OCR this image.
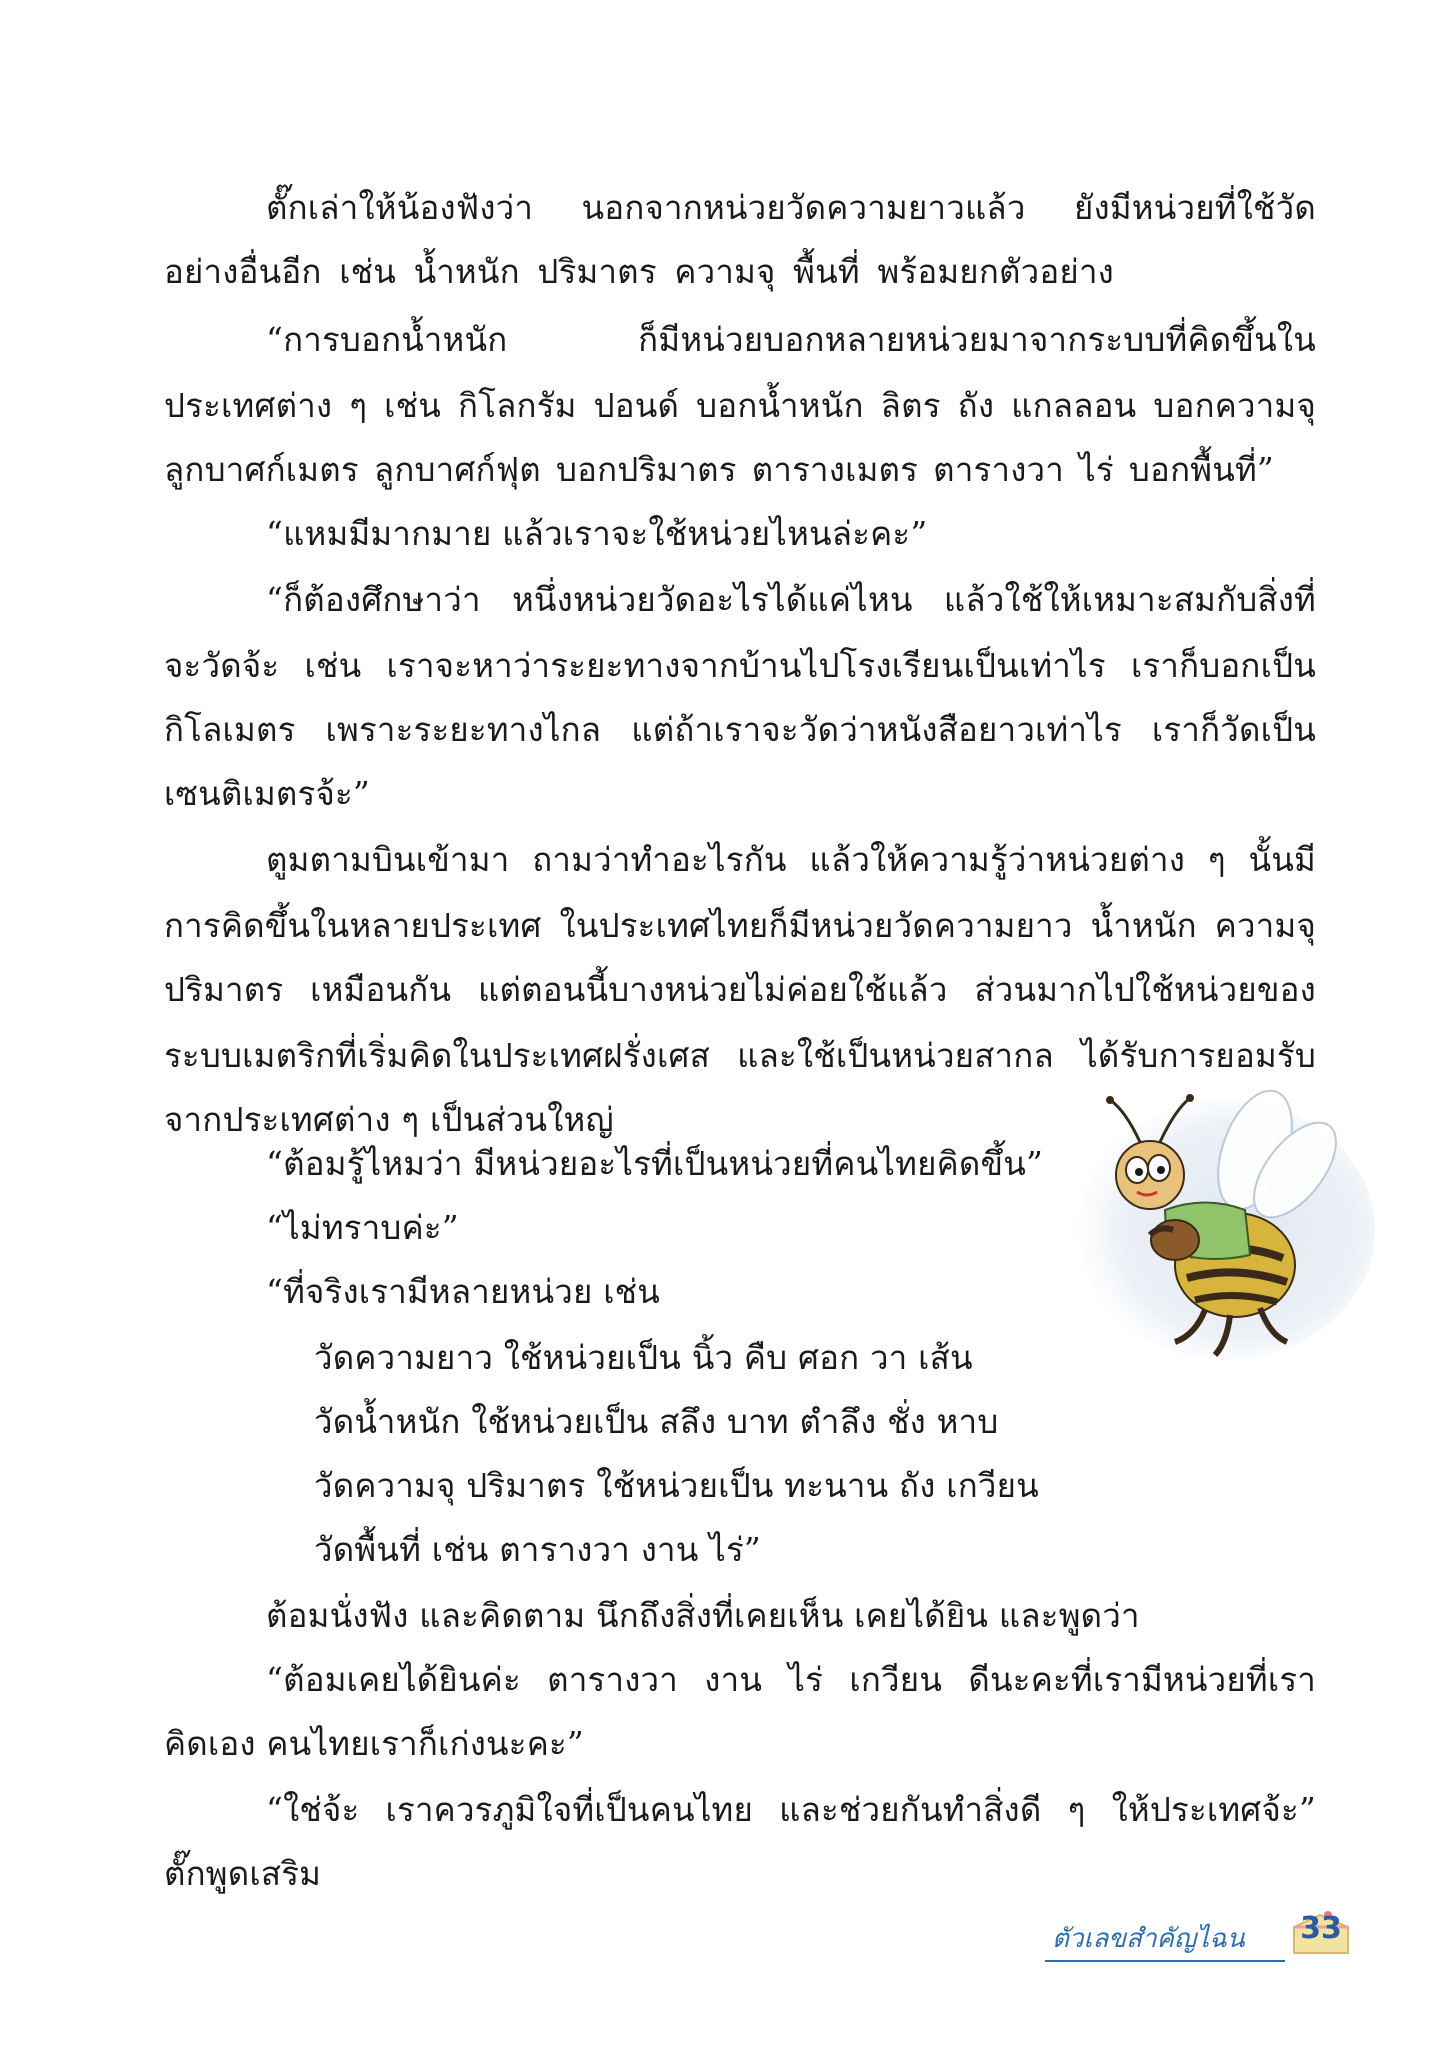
ตั๊กเล่าให้น้องฟังว่า นอกจากหน่วยวัดความยาวแล้ว ยังมีหน่วยที่ใช้วัด
อย่างอื่นอีก เช่น น้ำหนัก ปริมาตร ความจุ พื้นที่ พร้อมยกตัวอย่าง
“การบอกน้ำหนัก ก็มีหน่วยบอกหลายหน่วยมาจากระบบที่คิดขึ้นใน
ประเทศต่าง ๆ เช่น กิโลกรัม ปอนด์ บอกน้ำหนัก ลิตร ถัง แกลลอน บอกความจุ
ลูกบาศก์เมตร ลูกบาศก์ฟุต บอกปริมาตร ตารางเมตร ตารางวา ไร่ บอกพื้นที่”
“แหมมีมากมาย แล้วเราจะใช้หน่วยไหนล่ะคะ”
“ก็ต้องศึกษาว่า หนึ่งหน่วยวัดอะไรได้แค่ไหน แล้วใช้ให้เหมาะสมกับสิ่งที่
จะวัดจ้ะ เช่น เราจะหาว่าระยะทางจากบ้านไปโรงเรียนเป็นเท่าไร เราก็บอกเป็น
กิโลเมตร เพราะระยะทางไกล แต่ถ้าเราจะวัดว่าหนังสือยาวเท่าไร เราก็วัดเป็น
เซนติเมตรจ้ะ”
ตูมตามบินเข้ามา ถามว่าทำอะไรกัน แล้วให้ความรู้ว่าหน่วยต่าง ๆ นั้นมี
การคิดขึ้นในหลายประเทศ ในประเทศไทยก็มีหน่วยวัดความยาว น้ำหนัก ความจุ
ปริมาตร เหมือนกัน แต่ตอนนี้บางหน่วยไม่ค่อยใช้แล้ว ส่วนมากไปใช้หน่วยของ
ระบบเมตริกที่เริ่มคิดในประเทศฝรั่งเศส และใช้เป็นหน่วยสากล ได้รับการยอมรับ
จากประเทศต่าง ๆ เป็นส่วนใหญ่
“ต้อมรู้ไหมว่า มีหน่วยอะไรที่เป็นหน่วยที่คนไทยคิดขึ้น”
“ไม่ทราบค่ะ”
“ที่จริงเรามีหลายหน่วย เช่น
วัดความยาว ใช้หน่วยเป็น นิ้ว คืบ ศอก วา เส้น
วัดน้ำหนัก ใช้หน่วยเป็น สลึง บาท ตำลึง ชั่ง หาบ
วัดความจุ ปริมาตร ใช้หน่วยเป็น ทะนาน ถัง เกวียน
วัดพื้นที่ เช่น ตารางวา งาน ไร่”
ต้อมนั่งฟัง และคิดตาม นึกถึงสิ่งที่เคยเห็น เคยได้ยิน และพูดว่า
“ต้อมเคยได้ยินค่ะ ตารางวา งาน ไร่ เกวียน ดีนะคะที่เรามีหน่วยที่เรา
คิดเอง คนไทยเราก็เก่งนะคะ”
“ใช่จ้ะ เราควรภูมิใจที่เป็นคนไทย และช่วยกันทำสิ่งดี ๆ ให้ประเทศจ้ะ”
ตั๊กพูดเสริม
ตัวเลขสำคัญไฉน 33
